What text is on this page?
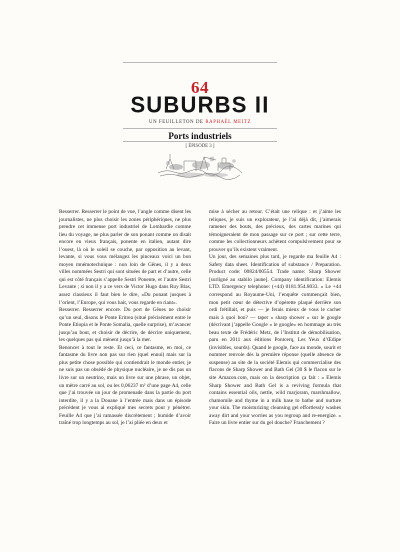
64
SUBURBS II
UN FEUILLETON DE RAPHAËL MEITZ
Ports industriels
[ ÉPISODE 3 ]

Resserrer. Resserrer le point de vue, l’angle comme disent les journalistes, ne plus choisir les zones périphériques, ne plus prendre cet immense port industriel de Lombardie comme lieu du voyage, ne plus parler de son ponant comme on disait encore en vieux français, ponente en italien, autant dire l’ouest, là où le soleil se couche, par opposition au levant, levante, si vous vous mélangez les pinceaux voici un bon moyen mnémotechnique : non loin de Gênes, il y a deux villes nommées Sestri qui sont situées de part et d’autre, celle qui est côté français s’appelle Sestri Ponente, et l’autre Sestri Levante ; si non il y a ce vers de Victor Hugo dans Ruy Blas, assez classieux il faut bien le dire, «Du ponant jusques à l’orient, l’Europe, qui vous hait, vous regarde en riant».

Resserrer. Resserrer encore. Du port de Gênes ne choisir qu’un seul, disons le Ponte Eritrea (situé précisément entre le Ponte Etiopia et le Ponte Somalia, quelle surprise), m’avancer jusqu’au bout, et choisir de décrire, de décrire uniquement, les quelques pas qui mènent jusqu’à la mer.

Renoncer à tout le reste. Et ceci, ce fantasme, en moi, ce fantasme du livre non pas sur rien (quel ennui) mais sur la plus petite chose possible qui contiendrait le monde entier, je ne suis pas un obsédé de physique nucléaire, je ne dis pas un livre sur un neutrino, mais un livre sur une phrase, un objet, un mètre carré au sol, ou les 0,06237 m² d’une page A4, celle que j’ai trouvée un jour de promenade dans la partie du port interdite, il y a la Douane à l’entrée mais dans un épisode précédent je vous ai expliqué mes secrets pour y pénétrer. Feuille A4 que j’ai ramassée discrètement ; humide d’avoir traîné trop longtemps au sol, je l’ai pliée en deux et

mise à sécher au retour. C’était une relique : et j’aime les reliques, je suis un explorateur, je l’ai déjà dit, j’aimerais ramener des bouts, des précieux, des cartes marines qui témoigneraient de mon passage sur ce port ; sur cette terre, comme les collectionneurs achètent compulsivement pour se prouver qu’ils existent vraiment.

Un jour, des semaines plus tard, je regarde ma feuille A4 : Safety data sheet. Identification of substance / Preparation. Product code: 00824/00554. Trade name: Sharp Shower [surligné au stabilo jaune]. Company identification: Elemis LTD. Emergency telephone: (+44) 0181.954.8033. « Le +44 correspond au Royaume-Uni, l’enquête commençait bien, mon petit cœur de détective d’opérette plaqué derrière son ordi frétillait, et puis — je ferais mieux de vous le cacher mais à quoi bon? — taper « sharp shower » sur le google (décrivant j’appelle Google « le google» en hommage au très beau texte de Frédéric Metz, de l’Institut de démobilisation, paru en 2011 aux éditions Pontcerq, Les Yeux d’Œdipe (invisibles, sourds). Quand le google, face au monde, sourit et nommer renvoie dès la première réponse (quelle absence de suspense) au site de la société Elemis qui commercialise des flacons de Sharp Shower and Bath Gel (30 $ le flacon sur le site Amazon.com, mais on la description ça fait : « Elemis Sharp Shower and Bath Gel is a reviving formula that contains essential oils, nettle, wild marjoram, marshmallow, chamomile and thyme in a milk base to bathe and nurture your skin. The moisturizing cleansing gel effortlessly washes away dirt and your worries as you regroup and re-energize. » Faire un livre entier sur du gel douche? Franchement ?
